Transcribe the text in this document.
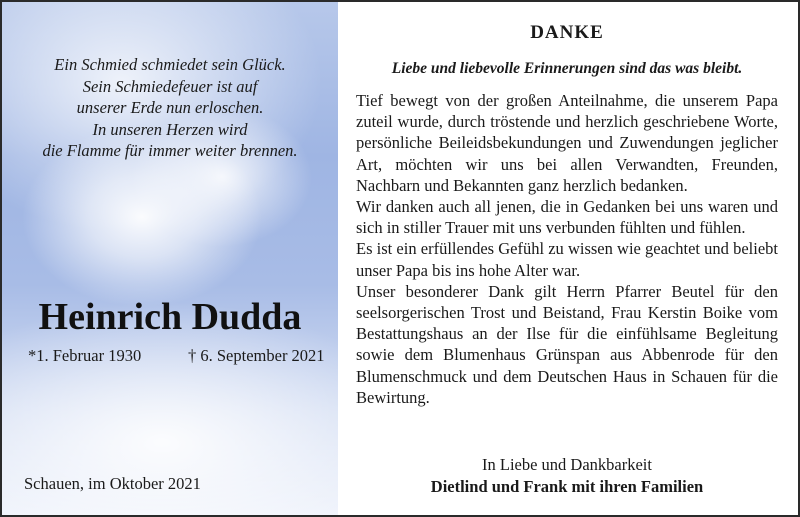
Ein Schmied schmiedet sein Glück.
Sein Schmiedefeuer ist auf
unserer Erde nun erloschen.
In unseren Herzen wird
die Flamme für immer weiter brennen.

Heinrich Dudda
*1. Februar 1930	† 6. September 2021
Schauen, im Oktober 2021
DANKE

Liebe und liebevolle Erinnerungen sind das was bleibt.

Tief bewegt von der großen Anteilnahme, die unserem Papa zuteil wurde, durch tröstende und herzlich geschriebene Worte, persönliche Beileidsbekundungen und Zuwendungen jeglicher Art, möchten wir uns bei allen Verwandten, Freunden, Nachbarn und Bekannten ganz herzlich bedanken.

Wir danken auch all jenen, die in Gedanken bei uns waren und sich in stiller Trauer mit uns verbunden fühlten und fühlen.

Es ist ein erfüllendes Gefühl zu wissen wie geachtet und beliebt unser Papa bis ins hohe Alter war.

Unser besonderer Dank gilt Herrn Pfarrer Beutel für den seelsorgerischen Trost und Beistand, Frau Kerstin Boike vom Bestattungshaus an der Ilse für die einfühlsame Begleitung sowie dem Blumenhaus Grünspan aus Abbenrode für den Blumenschmuck und dem Deutschen Haus in Schauen für die Bewirtung.

In Liebe und Dankbarkeit
Dietlind und Frank mit ihren Familien
